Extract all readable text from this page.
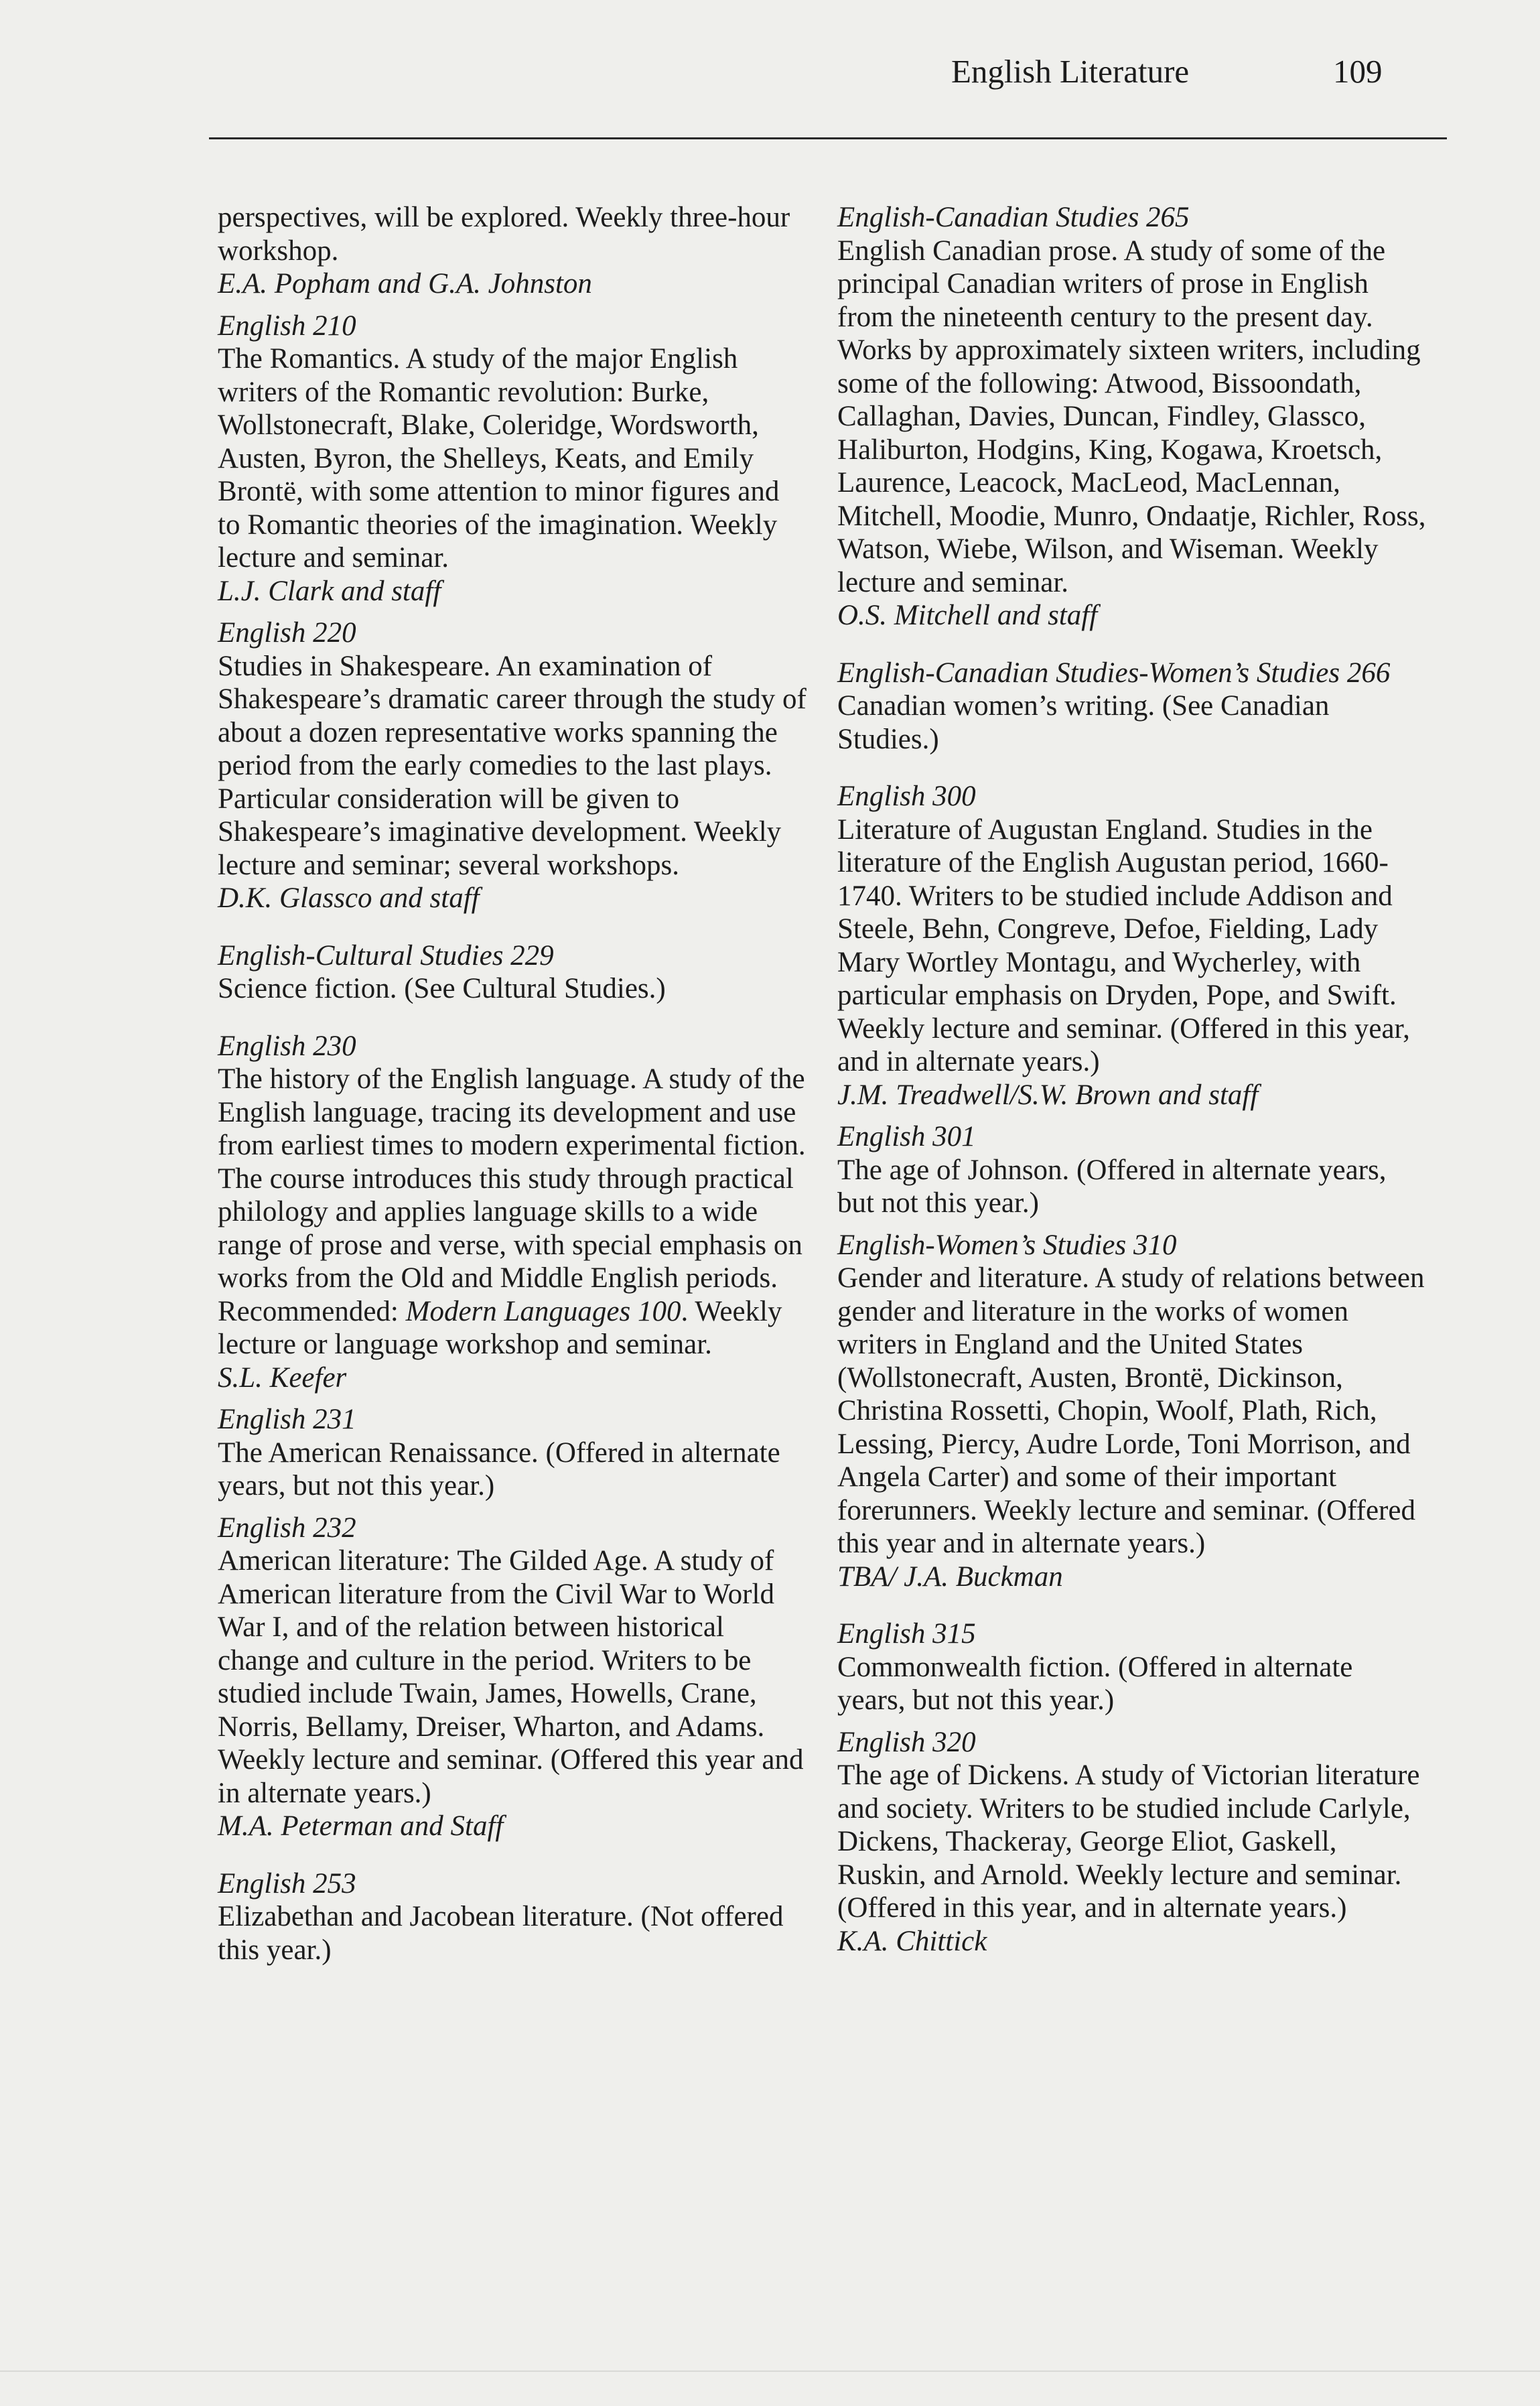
English Literature	109
perspectives, will be explored. Weekly three-hour workshop.
E.A. Popham and G.A. Johnston
English 210
The Romantics. A study of the major English writers of the Romantic revolution: Burke, Wollstonecraft, Blake, Coleridge, Wordsworth, Austen, Byron, the Shelleys, Keats, and Emily Brontë, with some attention to minor figures and to Romantic theories of the imagination. Weekly lecture and seminar.
L.J. Clark and staff
English 220
Studies in Shakespeare. An examination of Shakespeare’s dramatic career through the study of about a dozen representative works spanning the period from the early comedies to the last plays. Particular consideration will be given to Shakespeare’s imaginative development. Weekly lecture and seminar; several workshops.
D.K. Glassco and staff
English-Cultural Studies 229
Science fiction. (See Cultural Studies.)
English 230
The history of the English language. A study of the English language, tracing its development and use from earliest times to modern experimental fiction. The course introduces this study through practical philology and applies language skills to a wide range of prose and verse, with special emphasis on works from the Old and Middle English periods. Recommended: Modern Languages 100. Weekly lecture or language workshop and seminar.
S.L. Keefer
English 231
The American Renaissance. (Offered in alternate years, but not this year.)
English 232
American literature: The Gilded Age. A study of American literature from the Civil War to World War I, and of the relation between historical change and culture in the period. Writers to be studied include Twain, James, Howells, Crane, Norris, Bellamy, Dreiser, Wharton, and Adams. Weekly lecture and seminar. (Offered this year and in alternate years.)
M.A. Peterman and Staff
English 253
Elizabethan and Jacobean literature. (Not offered this year.)
English-Canadian Studies 265
English Canadian prose. A study of some of the principal Canadian writers of prose in English from the nineteenth century to the present day. Works by approximately sixteen writers, including some of the following: Atwood, Bissoondath, Callaghan, Davies, Duncan, Findley, Glassco, Haliburton, Hodgins, King, Kogawa, Kroetsch, Laurence, Leacock, MacLeod, MacLennan, Mitchell, Moodie, Munro, Ondaatje, Richler, Ross, Watson, Wiebe, Wilson, and Wiseman. Weekly lecture and seminar.
O.S. Mitchell and staff
English-Canadian Studies-Women’s Studies 266
Canadian women’s writing. (See Canadian Studies.)
English 300
Literature of Augustan England. Studies in the literature of the English Augustan period, 1660-1740. Writers to be studied include Addison and Steele, Behn, Congreve, Defoe, Fielding, Lady Mary Wortley Montagu, and Wycherley, with particular emphasis on Dryden, Pope, and Swift. Weekly lecture and seminar. (Offered in this year, and in alternate years.)
J.M. Treadwell/S.W. Brown and staff
English 301
The age of Johnson. (Offered in alternate years, but not this year.)
English-Women’s Studies 310
Gender and literature. A study of relations between gender and literature in the works of women writers in England and the United States (Wollstonecraft, Austen, Brontë, Dickinson, Christina Rossetti, Chopin, Woolf, Plath, Rich, Lessing, Piercy, Audre Lorde, Toni Morrison, and Angela Carter) and some of their important forerunners. Weekly lecture and seminar. (Offered this year and in alternate years.)
TBA/ J.A. Buckman
English 315
Commonwealth fiction. (Offered in alternate years, but not this year.)
English 320
The age of Dickens. A study of Victorian literature and society. Writers to be studied include Carlyle, Dickens, Thackeray, George Eliot, Gaskell, Ruskin, and Arnold. Weekly lecture and seminar. (Offered in this year, and in alternate years.)
K.A. Chittick
